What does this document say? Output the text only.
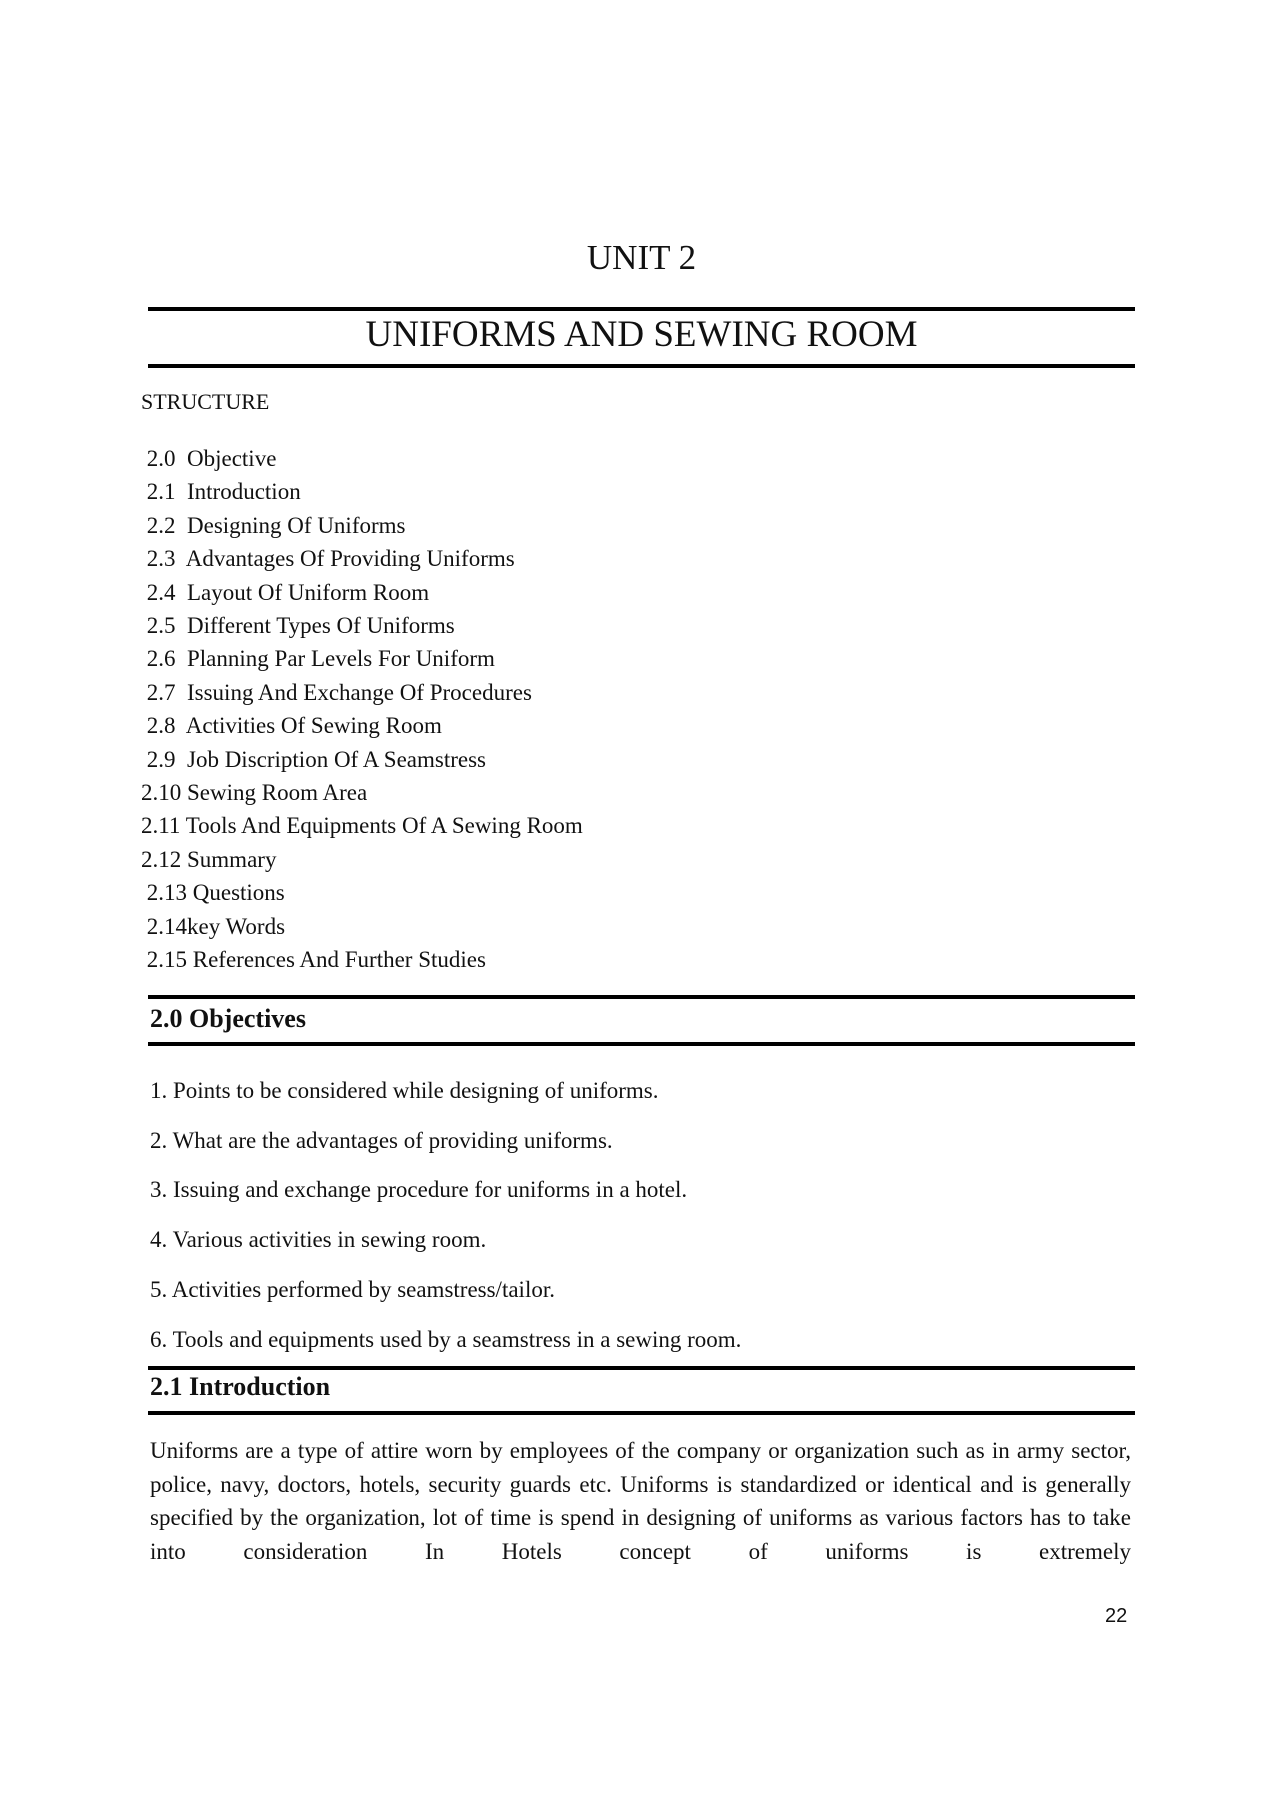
UNIT 2
UNIFORMS AND SEWING ROOM
STRUCTURE
2.0  Objective
2.1  Introduction
2.2  Designing Of Uniforms
2.3  Advantages Of Providing Uniforms
2.4  Layout Of Uniform Room
2.5  Different Types Of Uniforms
2.6  Planning Par Levels For Uniform
2.7  Issuing And Exchange Of Procedures
2.8  Activities Of Sewing Room
2.9  Job Discription Of A Seamstress
2.10 Sewing Room Area
2.11 Tools And Equipments Of A Sewing Room
2.12 Summary
2.13 Questions
2.14key Words
2.15 References And Further Studies
2.0 Objectives
1. Points to be considered while designing of uniforms.
2. What are the advantages of providing uniforms.
3. Issuing and exchange procedure for uniforms in a hotel.
4. Various activities in sewing room.
5. Activities performed by seamstress/tailor.
6. Tools and equipments used by a seamstress in a sewing room.
2.1 Introduction

Uniforms are a type of attire worn by employees of the company or organization such as in army sector, police, navy, doctors, hotels, security guards etc. Uniforms is standardized or identical and is generally specified by the organization, lot of time is spend in designing of uniforms as various factors has to take into consideration In Hotels concept of uniforms is extremely

22
